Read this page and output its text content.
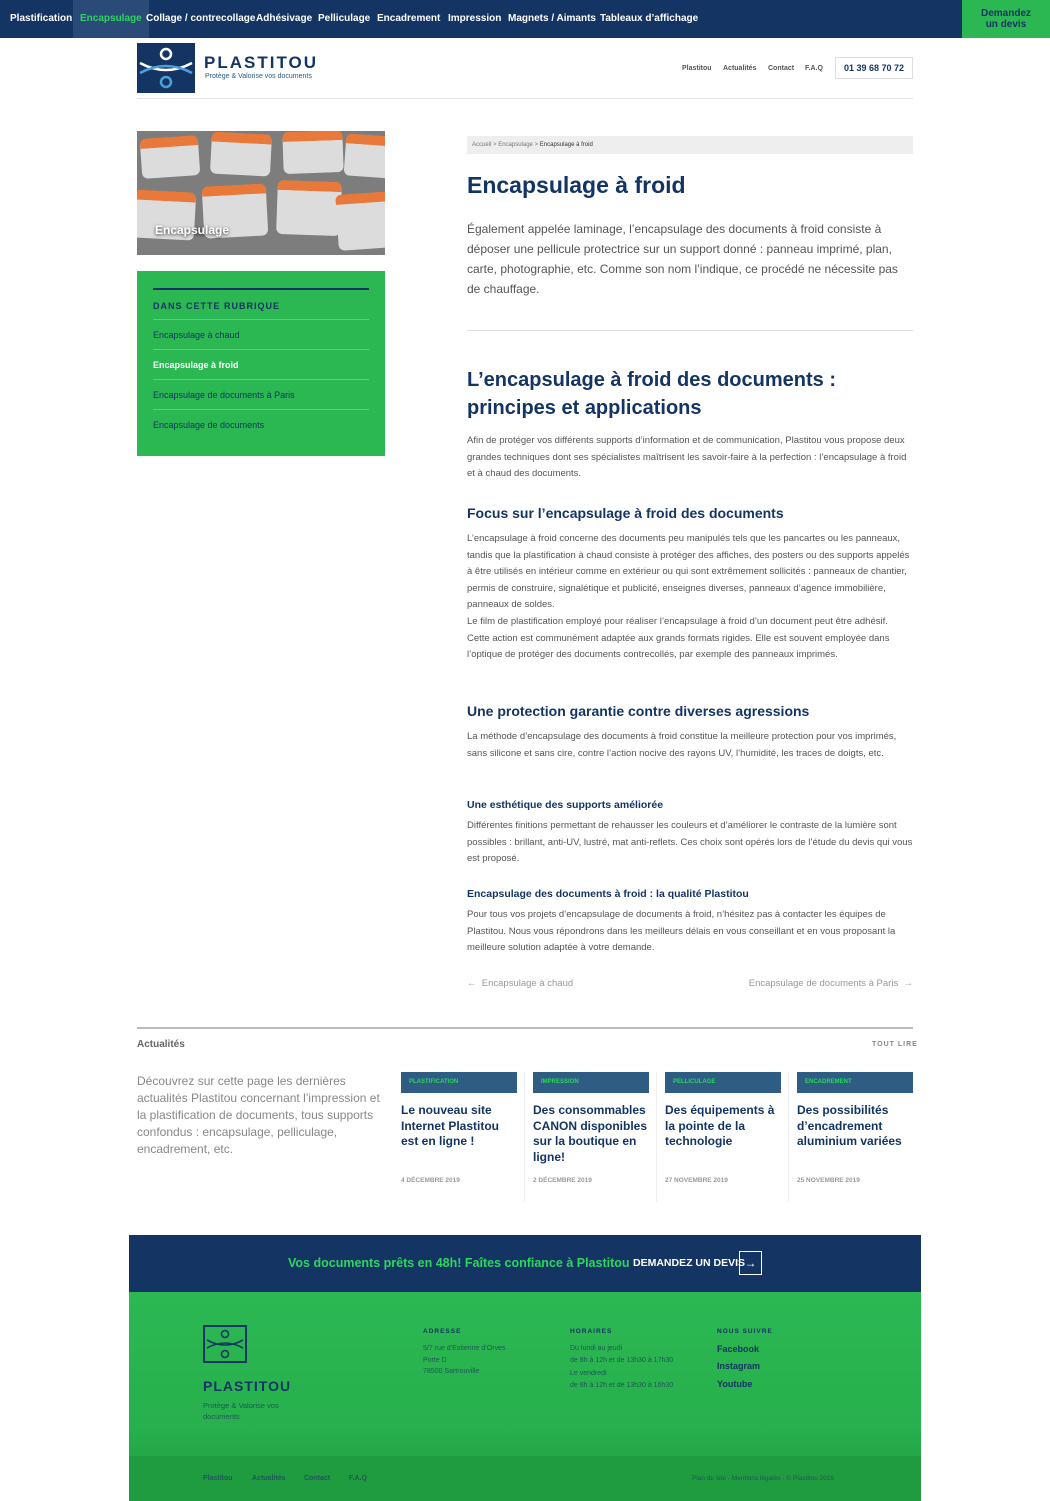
Plastification Encapsulage Collage / contrecollage Adhésivage Pelliculage Encadrement Impression Magnets / Aimants Tableaux d’affichage	Demandez
un devis
PLASTITOU
Protège & Valorise vos documents
Plastitou Actualités Contact F.A.Q	01 39 68 70 72
Encapsulage
DANS CETTE RUBRIQUE
Encapsulage à chaud
Encapsulage à froid
Encapsulage de documents à Paris
Encapsulage de documents
Accueil > Encapsulage > Encapsulage à froid
Encapsulage à froid

Également appelée laminage, l’encapsulage des documents à froid consiste à déposer une pellicule protectrice sur un support donné : panneau imprimé, plan, carte, photographie, etc. Comme son nom l’indique, ce procédé ne nécessite pas de chauffage.

L’encapsulage à froid des documents : principes et applications

Afin de protéger vos différents supports d’information et de communication, Plastitou vous propose deux grandes techniques dont ses spécialistes maîtrisent les savoir-faire à la perfection : l’encapsulage à froid et à chaud des documents.

Focus sur l’encapsulage à froid des documents

L’encapsulage à froid concerne des documents peu manipulés tels que les pancartes ou les panneaux, tandis que la plastification à chaud consiste à protéger des affiches, des posters ou des supports appelés à être utilisés en intérieur comme en extérieur ou qui sont extrêmement sollicités : panneaux de chantier, permis de construire, signalétique et publicité, enseignes diverses, panneaux d’agence immobilière, panneaux de soldes.

Le film de plastification employé pour réaliser l’encapsulage à froid d’un document peut être adhésif. Cette action est communément adaptée aux grands formats rigides. Elle est souvent employée dans l’optique de protéger des documents contrecollés, par exemple des panneaux imprimés.

Une protection garantie contre diverses agressions

La méthode d’encapsulage des documents à froid constitue la meilleure protection pour vos imprimés, sans silicone et sans cire, contre l’action nocive des rayons UV, l’humidité, les traces de doigts, etc.

Une esthétique des supports améliorée

Différentes finitions permettant de rehausser les couleurs et d’améliorer le contraste de la lumière sont possibles : brillant, anti-UV, lustré, mat anti-reflets. Ces choix sont opérés lors de l’étude du devis qui vous est proposé.

Encapsulage des documents à froid : la qualité Plastitou

Pour tous vos projets d’encapsulage de documents à froid, n’hésitez pas à contacter les équipes de Plastitou. Nous vous répondrons dans les meilleurs délais en vous conseillant et en vous proposant la meilleure solution adaptée à votre demande.

←  Encapsulage à chaud	Encapsulage de documents à Paris  →
Actualités	TOUT LIRE

Découvrez sur cette page les dernières actualités Plastitou concernant l’impression et la plastification de documents, tous supports confondus : encapsulage, pelliculage, encadrement, etc.

PLASTIFICATION
Le nouveau site Internet Plastitou est en ligne !
4 DÉCEMBRE 2019
IMPRESSION
Des consommables CANON disponibles sur la boutique en ligne!
2 DÉCEMBRE 2019
PELLICULAGE
Des équipements à la pointe de la technologie
27 NOVEMBRE 2019
ENCADREMENT
Des possibilités d’encadrement aluminium variées
25 NOVEMBRE 2019
Vos documents prêts en 48h! Faîtes confiance à Plastitou DEMANDEZ UN DEVIS →
PLASTITOU
Protège & Valorise vos documents
ADRESSE
5/7 rue d’Estienne d’Orves
Porte D
78500 Sartrouville
HORAIRES
Du lundi au jeudi
de 8h à 12h et de 13h30 à 17h30
Le vendredi
de 8h à 12h et de 13h30 à 16h30
NOUS SUIVRE
Facebook
Instagram
Youtube
Plastitou	Actualités	Contact	F.A.Q	Plan du site - Mentions légales - © Plastitou 2019
